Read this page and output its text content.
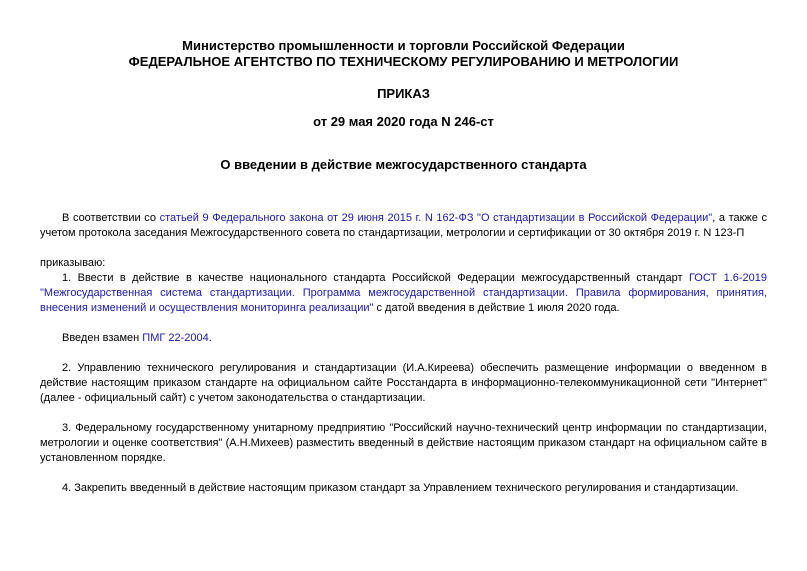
Министерство промышленности и торговли Российской Федерации
ФЕДЕРАЛЬНОЕ АГЕНТСТВО ПО ТЕХНИЧЕСКОМУ РЕГУЛИРОВАНИЮ И МЕТРОЛОГИИ
ПРИКАЗ
от 29 мая 2020 года N 246-ст
О введении в действие межгосударственного стандарта

В соответствии со статьей 9 Федерального закона от 29 июня 2015 г. N 162-ФЗ "О стандартизации в Российской Федерации", а также с учетом протокола заседания Межгосударственного совета по стандартизации, метрологии и сертификации от 30 октября 2019 г. N 123-П

приказываю:

1. Ввести в действие в качестве национального стандарта Российской Федерации межгосударственный стандарт ГОСТ 1.6-2019 "Межгосударственная система стандартизации. Программа межгосударственной стандартизации. Правила формирования, принятия, внесения изменений и осуществления мониторинга реализации" с датой введения в действие 1 июля 2020 года.

Введен взамен ПМГ 22-2004.

2. Управлению технического регулирования и стандартизации (И.А.Киреева) обеспечить размещение информации о введенном в действие настоящим приказом стандарте на официальном сайте Росстандарта в информационно-телекоммуникационной сети "Интернет" (далее - официальный сайт) с учетом законодательства о стандартизации.

3. Федеральному государственному унитарному предприятию "Российский научно-технический центр информации по стандартизации, метрологии и оценке соответствия" (А.Н.Михеев) разместить введенный в действие настоящим приказом стандарт на официальном сайте в установленном порядке.

4. Закрепить введенный в действие настоящим приказом стандарт за Управлением технического регулирования и стандартизации.
